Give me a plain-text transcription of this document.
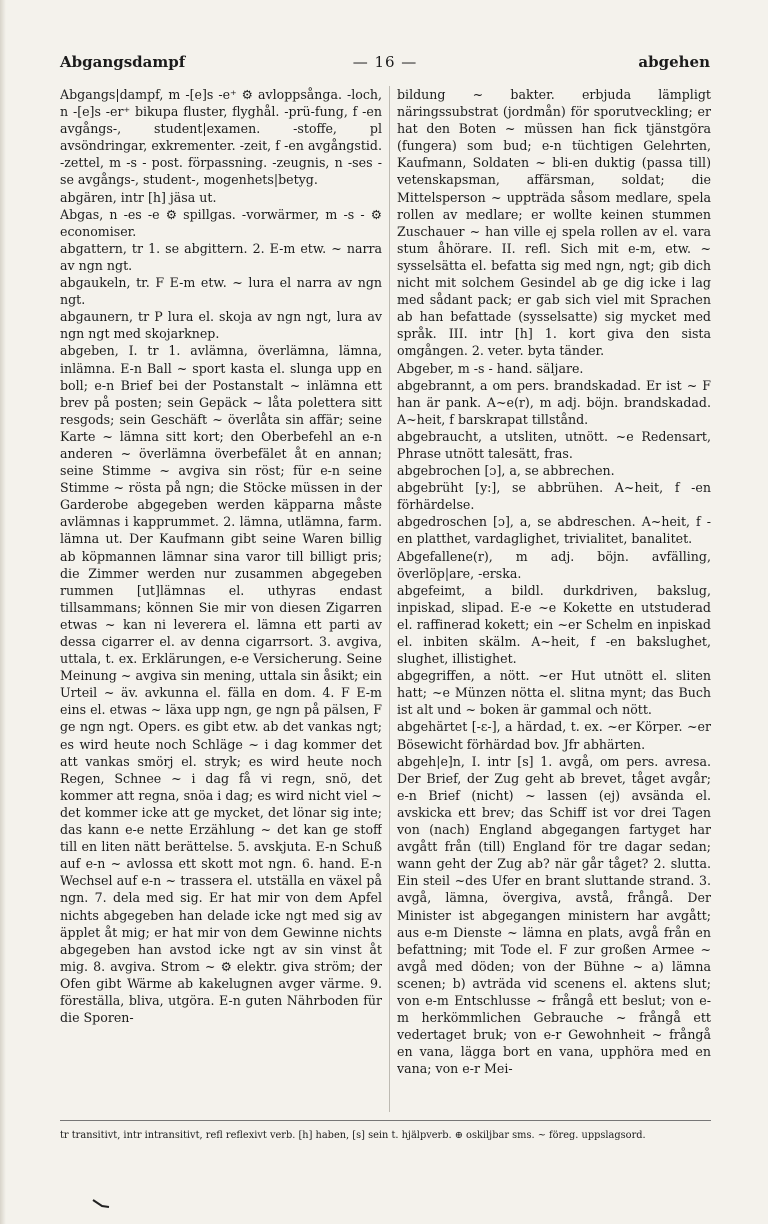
Abgangsdampf	— 16 —	abgehen

Abgangs|dampf, m -[e]s -e⁺ ⚙ avloppsånga. -loch, n -[e]s -er⁺ bikupa fluster, flyghål. -prü-fung, f -en avgångs-, student|examen. -stoffe, pl avsöndringar, exkrementer. -zeit, f -en avgångstid. -zettel, m -s - post. förpassning. -zeugnis, n -ses -se avgångs-, student-, mogenhets|betyg.

abgären, intr [h] jäsa ut.

Abgas, n -es -e ⚙ spillgas. -vorwärmer, m -s - ⚙ economiser.

abgattern, tr 1. se abgittern. 2. E-m etw. ~ narra av ngn ngt.

abgaukeln, tr. F E-m etw. ~ lura el narra av ngn ngt.

abgaunern, tr P lura el. skoja av ngn ngt, lura av ngn ngt med skojarknep.

abgeben, I. tr 1. avlämna, överlämna, lämna, inlämna. E-n Ball ~ sport kasta el. slunga upp en boll; e-n Brief bei der Postanstalt ~ inlämna ett brev på posten; sein Gepäck ~ låta polettera sitt resgods; sein Geschäft ~ överlåta sin affär; seine Karte ~ lämna sitt kort; den Oberbefehl an e-n anderen ~ överlämna överbefälet åt en annan; seine Stimme ~ avgiva sin röst; für e-n seine Stimme ~ rösta på ngn; die Stöcke müssen in der Garderobe abgegeben werden käpparna måste avlämnas i kapprummet. 2. lämna, utlämna, farm. lämna ut. Der Kaufmann gibt seine Waren billig ab köpmannen lämnar sina varor till billigt pris; die Zimmer werden nur zusammen abgegeben rummen [ut]lämnas el. uthyras endast tillsammans; können Sie mir von diesen Zigarren etwas ~ kan ni leverera el. lämna ett parti av dessa cigarrer el. av denna cigarrsort. 3. avgiva, uttala, t. ex. Erklärungen, e-e Versicherung. Seine Meinung ~ avgiva sin mening, uttala sin åsikt; ein Urteil ~ äv. avkunna el. fälla en dom. 4. F E-m eins el. etwas ~ läxa upp ngn, ge ngn på pälsen, F ge ngn ngt. Opers. es gibt etw. ab det vankas ngt; es wird heute noch Schläge ~ i dag kommer det att vankas smörj el. stryk; es wird heute noch Regen, Schnee ~ i dag få vi regn, snö, det kommer att regna, snöa i dag; es wird nicht viel ~ det kommer icke att ge mycket, det lönar sig inte; das kann e-e nette Erzählung ~ det kan ge stoff till en liten nätt berättelse. 5. avskjuta. E-n Schuß auf e-n ~ avlossa ett skott mot ngn. 6. hand. E-n Wechsel auf e-n ~ trassera el. utställa en växel på ngn. 7. dela med sig. Er hat mir von dem Apfel nichts abgegeben han delade icke ngt med sig av äpplet åt mig; er hat mir von dem Gewinne nichts abgegeben han avstod icke ngt av sin vinst åt mig. 8. avgiva. Strom ~ ⚙ elektr. giva ström; der Ofen gibt Wärme ab kakelugnen avger värme. 9. föreställa, bliva, utgöra. E-n guten Nährboden für die Sporen-

bildung ~ bakter. erbjuda lämpligt näringssubstrat (jordmån) för sporutveckling; er hat den Boten ~ müssen han fick tjänstgöra (fungera) som bud; e-n tüchtigen Gelehrten, Kaufmann, Soldaten ~ bli-en duktig (passa till) vetenskapsman, affärsman, soldat; die Mittelsperson ~ uppträda såsom medlare, spela rollen av medlare; er wollte keinen stummen Zuschauer ~ han ville ej spela rollen av el. vara stum åhörare. II. refl. Sich mit e-m, etw. ~ sysselsätta el. befatta sig med ngn, ngt; gib dich nicht mit solchem Gesindel ab ge dig icke i lag med sådant pack; er gab sich viel mit Sprachen ab han befattade (sysselsatte) sig mycket med språk. III. intr [h] 1. kort giva den sista omgången. 2. veter. byta tänder.

Abgeber, m -s - hand. säljare.

abgebrannt, a om pers. brandskadad. Er ist ~ F han är pank. A~e(r), m adj. böjn. brandskadad. A~heit, f barskrapat tillstånd.

abgebraucht, a utsliten, utnött. ~e Redensart, Phrase utnött talesätt, fras.

abgebrochen [ɔ], a, se abbrechen.

abgebrüht [y:], se abbrühen. A~heit, f -en förhärdelse.

abgedroschen [ɔ], a, se abdreschen. A~heit, f -en platthet, vardaglighet, trivialitet, banalitet.

Abgefallene(r), m adj. böjn. avfälling, överlöp|are, -erska.

abgefeimt, a bildl. durkdriven, bakslug, inpiskad, slipad. E-e ~e Kokette en utstuderad el. raffinerad kokett; ein ~er Schelm en inpiskad el. inbiten skälm. A~heit, f -en bakslughet, slughet, illistighet.

abgegriffen, a nött. ~er Hut utnött el. sliten hatt; ~e Münzen nötta el. slitna mynt; das Buch ist alt und ~ boken är gammal och nött.

abgehärtet [-ɛ-], a härdad, t. ex. ~er Körper. ~er Bösewicht förhärdad bov. Jfr abhärten.

abgeh|e]n, I. intr [s] 1. avgå, om pers. avresa. Der Brief, der Zug geht ab brevet, tåget avgår; e-n Brief (nicht) ~ lassen (ej) avsända el. avskicka ett brev; das Schiff ist vor drei Tagen von (nach) England abgegangen fartyget har avgått från (till) England för tre dagar sedan; wann geht der Zug ab? när går tåget? 2. slutta. Ein steil ~des Ufer en brant sluttande strand. 3. avgå, lämna, övergiva, avstå, frångå. Der Minister ist abgegangen ministern har avgått; aus e-m Dienste ~ lämna en plats, avgå från en befattning; mit Tode el. F zur großen Armee ~ avgå med döden; von der Bühne ~ a) lämna scenen; b) avträda vid scenens el. aktens slut; von e-m Entschlusse ~ frångå ett beslut; von e-m herkömmlichen Gebrauche ~ frångå ett vedertaget bruk; von e-r Gewohnheit ~ frångå en vana, lägga bort en vana, upphöra med en vana; von e-r Mei-

tr transitivt, intr intransitivt, refl reflexivt verb. [h] haben, [s] sein t. hjälpverb. ⊕ oskiljbar sms. ~ föreg. uppslagsord.
